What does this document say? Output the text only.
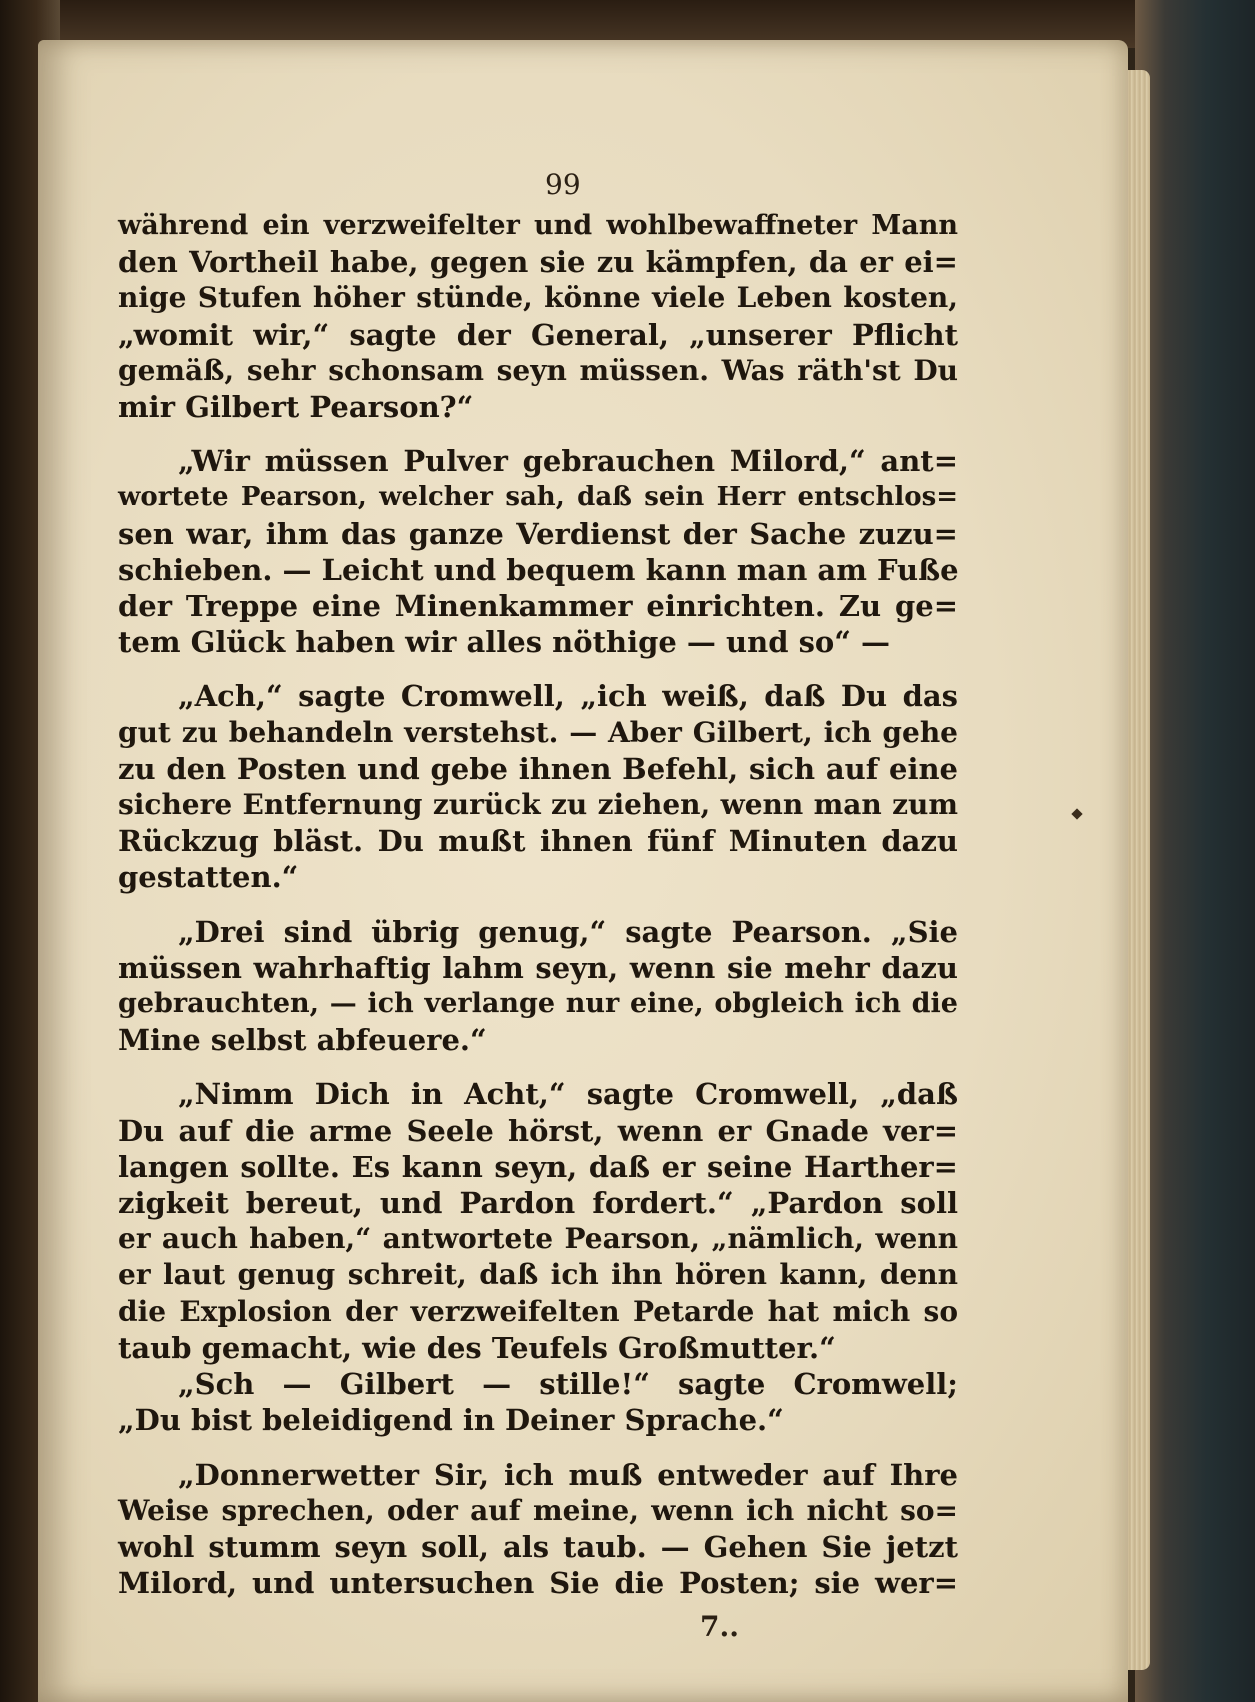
99

während ein verzweifelter und wohlbewaffneter Mann
den Vortheil habe, gegen sie zu kämpfen, da er ei=
nige Stufen höher stünde, könne viele Leben kosten,
„womit wir,“ sagte der General, „unserer Pflicht
gemäß, sehr schonsam seyn müssen. Was räth'st Du
mir Gilbert Pearson?“

„Wir müssen Pulver gebrauchen Milord,“ ant=
wortete Pearson, welcher sah, daß sein Herr entschlos=
sen war, ihm das ganze Verdienst der Sache zuzu=
schieben. — Leicht und bequem kann man am Fuße
der Treppe eine Minenkammer einrichten. Zu ge=
tem Glück haben wir alles nöthige — und so“ —

„Ach,“ sagte Cromwell, „ich weiß, daß Du das
gut zu behandeln verstehst. — Aber Gilbert, ich gehe
zu den Posten und gebe ihnen Befehl, sich auf eine
sichere Entfernung zurück zu ziehen, wenn man zum
Rückzug bläst. Du mußt ihnen fünf Minuten dazu
gestatten.“

„Drei sind übrig genug,“ sagte Pearson. „Sie
müssen wahrhaftig lahm seyn, wenn sie mehr dazu
gebrauchten, — ich verlange nur eine, obgleich ich die
Mine selbst abfeuere.“

„Nimm Dich in Acht,“ sagte Cromwell, „daß
Du auf die arme Seele hörst, wenn er Gnade ver=
langen sollte. Es kann seyn, daß er seine Harther=
zigkeit bereut, und Pardon fordert.“ „Pardon soll
er auch haben,“ antwortete Pearson, „nämlich, wenn
er laut genug schreit, daß ich ihn hören kann, denn
die Explosion der verzweifelten Petarde hat mich so
taub gemacht, wie des Teufels Großmutter.“

„Sch — Gilbert — stille!“ sagte Cromwell;
„Du bist beleidigend in Deiner Sprache.“

„Donnerwetter Sir, ich muß entweder auf Ihre
Weise sprechen, oder auf meine, wenn ich nicht so=
wohl stumm seyn soll, als taub. — Gehen Sie jetzt
Milord, und untersuchen Sie die Posten; sie wer=

7..
